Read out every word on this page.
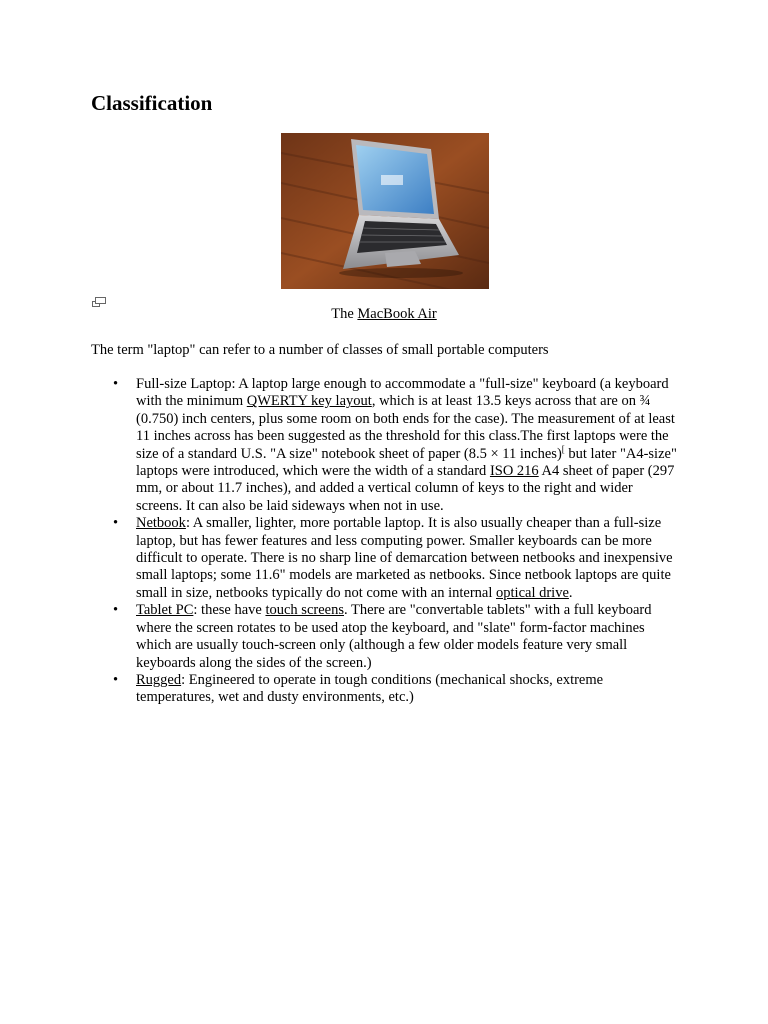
Classification
The MacBook Air

The term "laptop" can refer to a number of classes of small portable computers

• Full-size Laptop: A laptop large enough to accommodate a "full-size" keyboard (a keyboard with the minimum QWERTY key layout, which is at least 13.5 keys across that are on ¾ (0.750) inch centers, plus some room on both ends for the case). The measurement of at least 11 inches across has been suggested as the threshold for this class.The first laptops were the size of a standard U.S. "A size" notebook sheet of paper (8.5 × 11 inches)[ but later "A4-size" laptops were introduced, which were the width of a standard ISO 216 A4 sheet of paper (297 mm, or about 11.7 inches), and added a vertical column of keys to the right and wider screens. It can also be laid sideways when not in use.
• Netbook: A smaller, lighter, more portable laptop. It is also usually cheaper than a full-size laptop, but has fewer features and less computing power. Smaller keyboards can be more difficult to operate. There is no sharp line of demarcation between netbooks and inexpensive small laptops; some 11.6" models are marketed as netbooks. Since netbook laptops are quite small in size, netbooks typically do not come with an internal optical drive.
• Tablet PC: these have touch screens. There are "convertable tablets" with a full keyboard where the screen rotates to be used atop the keyboard, and "slate" form-factor machines which are usually touch-screen only (although a few older models feature very small keyboards along the sides of the screen.)
• Rugged: Engineered to operate in tough conditions (mechanical shocks, extreme temperatures, wet and dusty environments, etc.)
